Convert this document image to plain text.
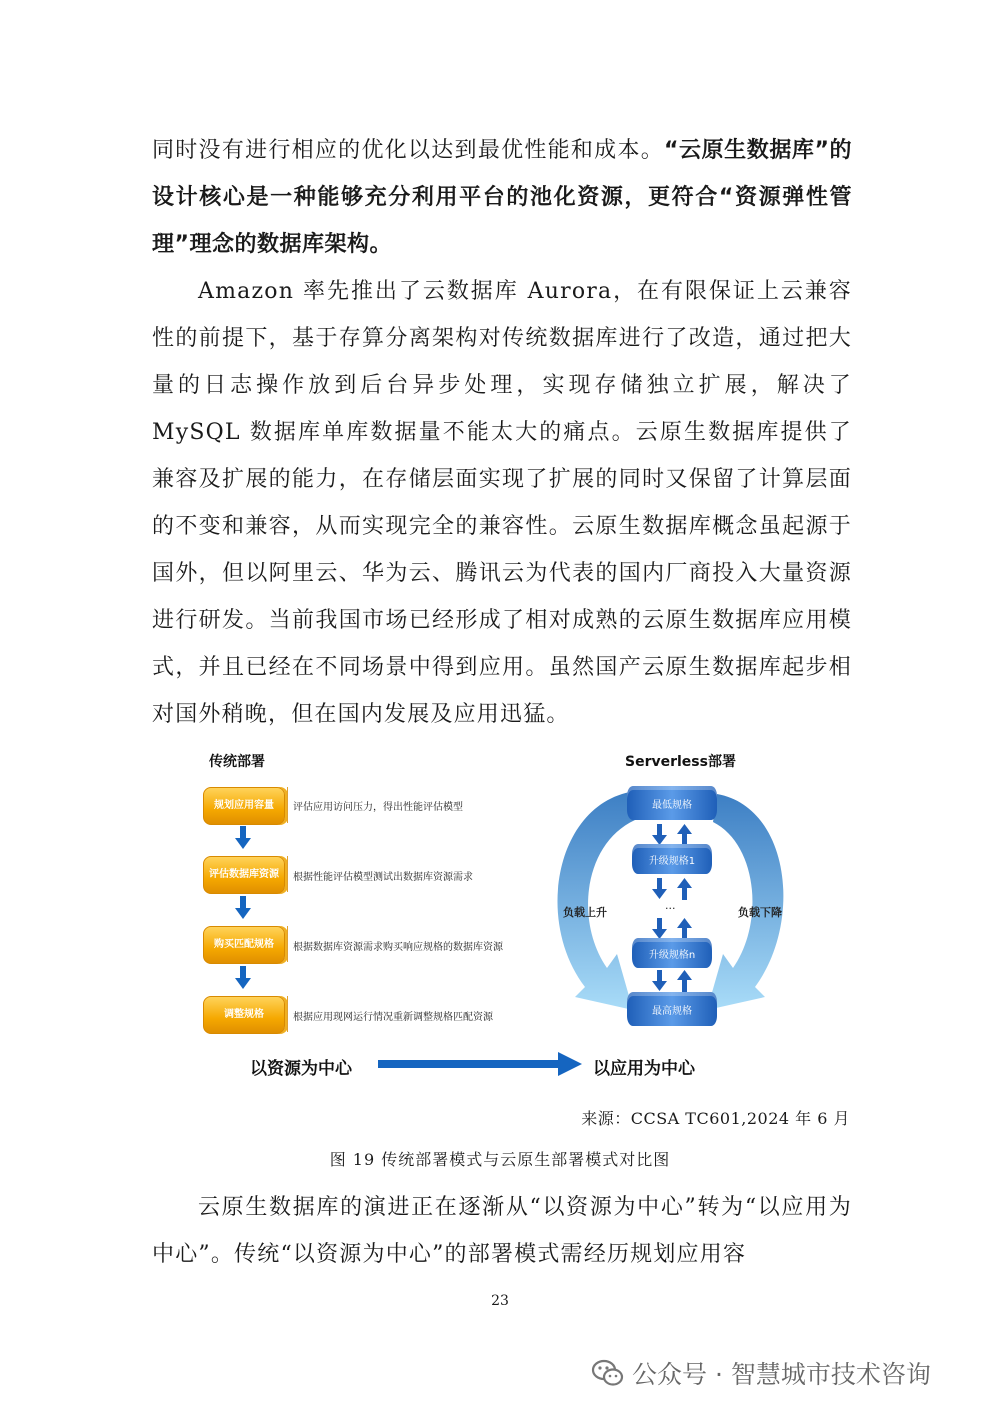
同时没有进行相应的优化以达到最优性能和成本。“云原生数据库”的设计核心是一种能够充分利用平台的池化资源，更符合“资源弹性管理”理念的数据库架构。

Amazon 率先推出了云数据库 Aurora，在有限保证上云兼容性的前提下，基于存算分离架构对传统数据库进行了改造，通过把大量的日志操作放到后台异步处理，实现存储独立扩展，解决了 MySQL 数据库单库数据量不能太大的痛点。云原生数据库提供了兼容及扩展的能力，在存储层面实现了扩展的同时又保留了计算层面的不变和兼容，从而实现完全的兼容性。云原生数据库概念虽起源于国外，但以阿里云、华为云、腾讯云为代表的国内厂商投入大量资源进行研发。当前我国市场已经形成了相对成熟的云原生数据库应用模式，并且已经在不同场景中得到应用。虽然国产云原生数据库起步相对国外稍晚，但在国内发展及应用迅猛。

传统部署
规划应用容量	评估应用访问压力，得出性能评估模型
评估数据库资源	根据性能评估模型测试出数据库资源需求
购买匹配规格	根据数据库资源需求购买响应规格的数据库资源
调整规格	根据应用现网运行情况重新调整规格匹配资源
Serverless部署
最低规格
升级规格1
···
升级规格n
最高规格
负载上升	负载下降
以资源为中心	以应用为中心
来源：CCSA TC601,2024 年 6 月
图 19 传统部署模式与云原生部署模式对比图

云原生数据库的演进正在逐渐从“以资源为中心”转为“以应用为中心”。传统“以资源为中心”的部署模式需经历规划应用容

23
公众号 · 智慧城市技术咨询
